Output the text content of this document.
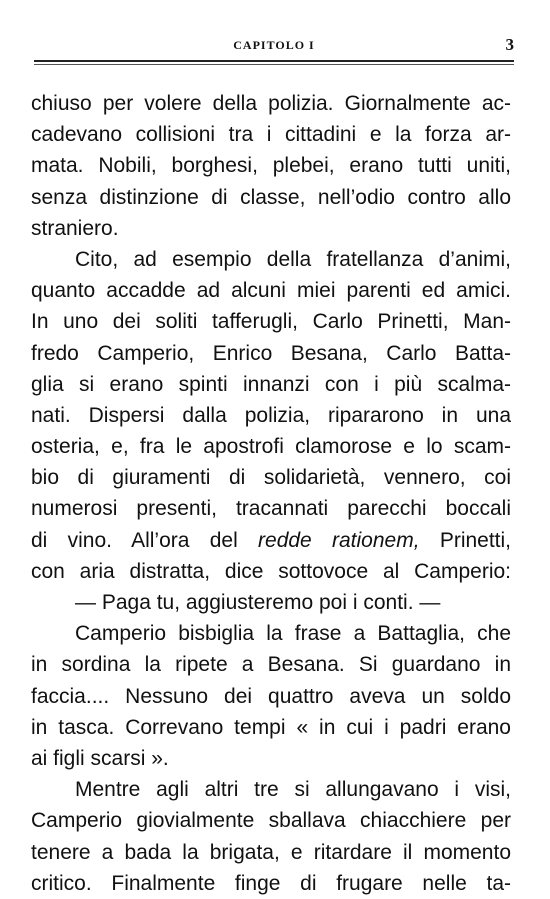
CAPITOLO I	3
chiuso per volere della polizia. Giornalmente ac-
cadevano collisioni tra i cittadini e la forza ar-
mata. Nobili, borghesi, plebei, erano tutti uniti,
senza distinzione di classe, nell’odio contro allo
straniero.
Cito, ad esempio della fratellanza d’animi,
quanto accadde ad alcuni miei parenti ed amici.
In uno dei soliti tafferugli, Carlo Prinetti, Man-
fredo Camperio, Enrico Besana, Carlo Batta-
glia si erano spinti innanzi con i più scalma-
nati. Dispersi dalla polizia, ripararono in una
osteria, e, fra le apostrofi clamorose e lo scam-
bio di giuramenti di solidarietà, vennero, coi
numerosi presenti, tracannati parecchi boccali
di vino. All’ora del redde rationem, Prinetti,
con aria distratta, dice sottovoce al Camperio:
— Paga tu, aggiusteremo poi i conti. —
Camperio bisbiglia la frase a Battaglia, che
in sordina la ripete a Besana. Si guardano in
faccia.... Nessuno dei quattro aveva un soldo
in tasca. Correvano tempi « in cui i padri erano
ai figli scarsi ».
Mentre agli altri tre si allungavano i visi,
Camperio giovialmente sballava chiacchiere per
tenere a bada la brigata, e ritardare il momento
critico. Finalmente finge di frugare nelle ta-
